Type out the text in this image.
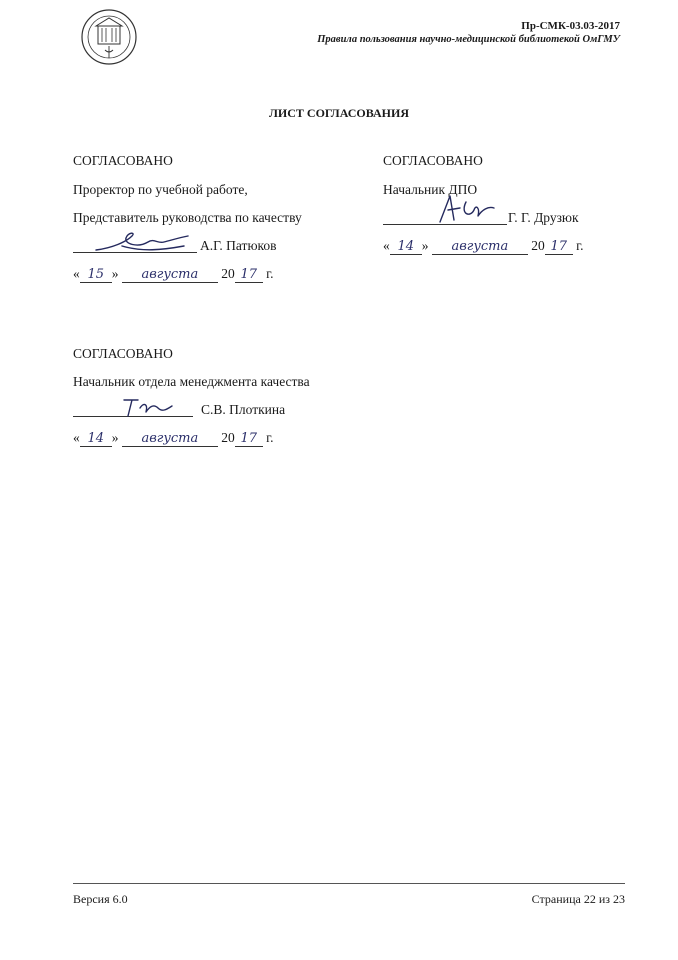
Пр-СМК-03.03-2017
Правила пользования научно-медицинской библиотекой ОмГМУ
ЛИСТ СОГЛАСОВАНИЯ
СОГЛАСОВАНО
Проректор по учебной работе,
Представитель руководства по качеству
А.Г. Патюков
« 15 » августа 20 17 г.
СОГЛАСОВАНО
Начальник ДПО
Г. Г. Друзюк
« 14 » августа 20 17 г.
СОГЛАСОВАНО
Начальник отдела менеджмента качества
С.В. Плоткина
« 14 » августа 20 17 г.
Версия 6.0	Страница 22 из 23
